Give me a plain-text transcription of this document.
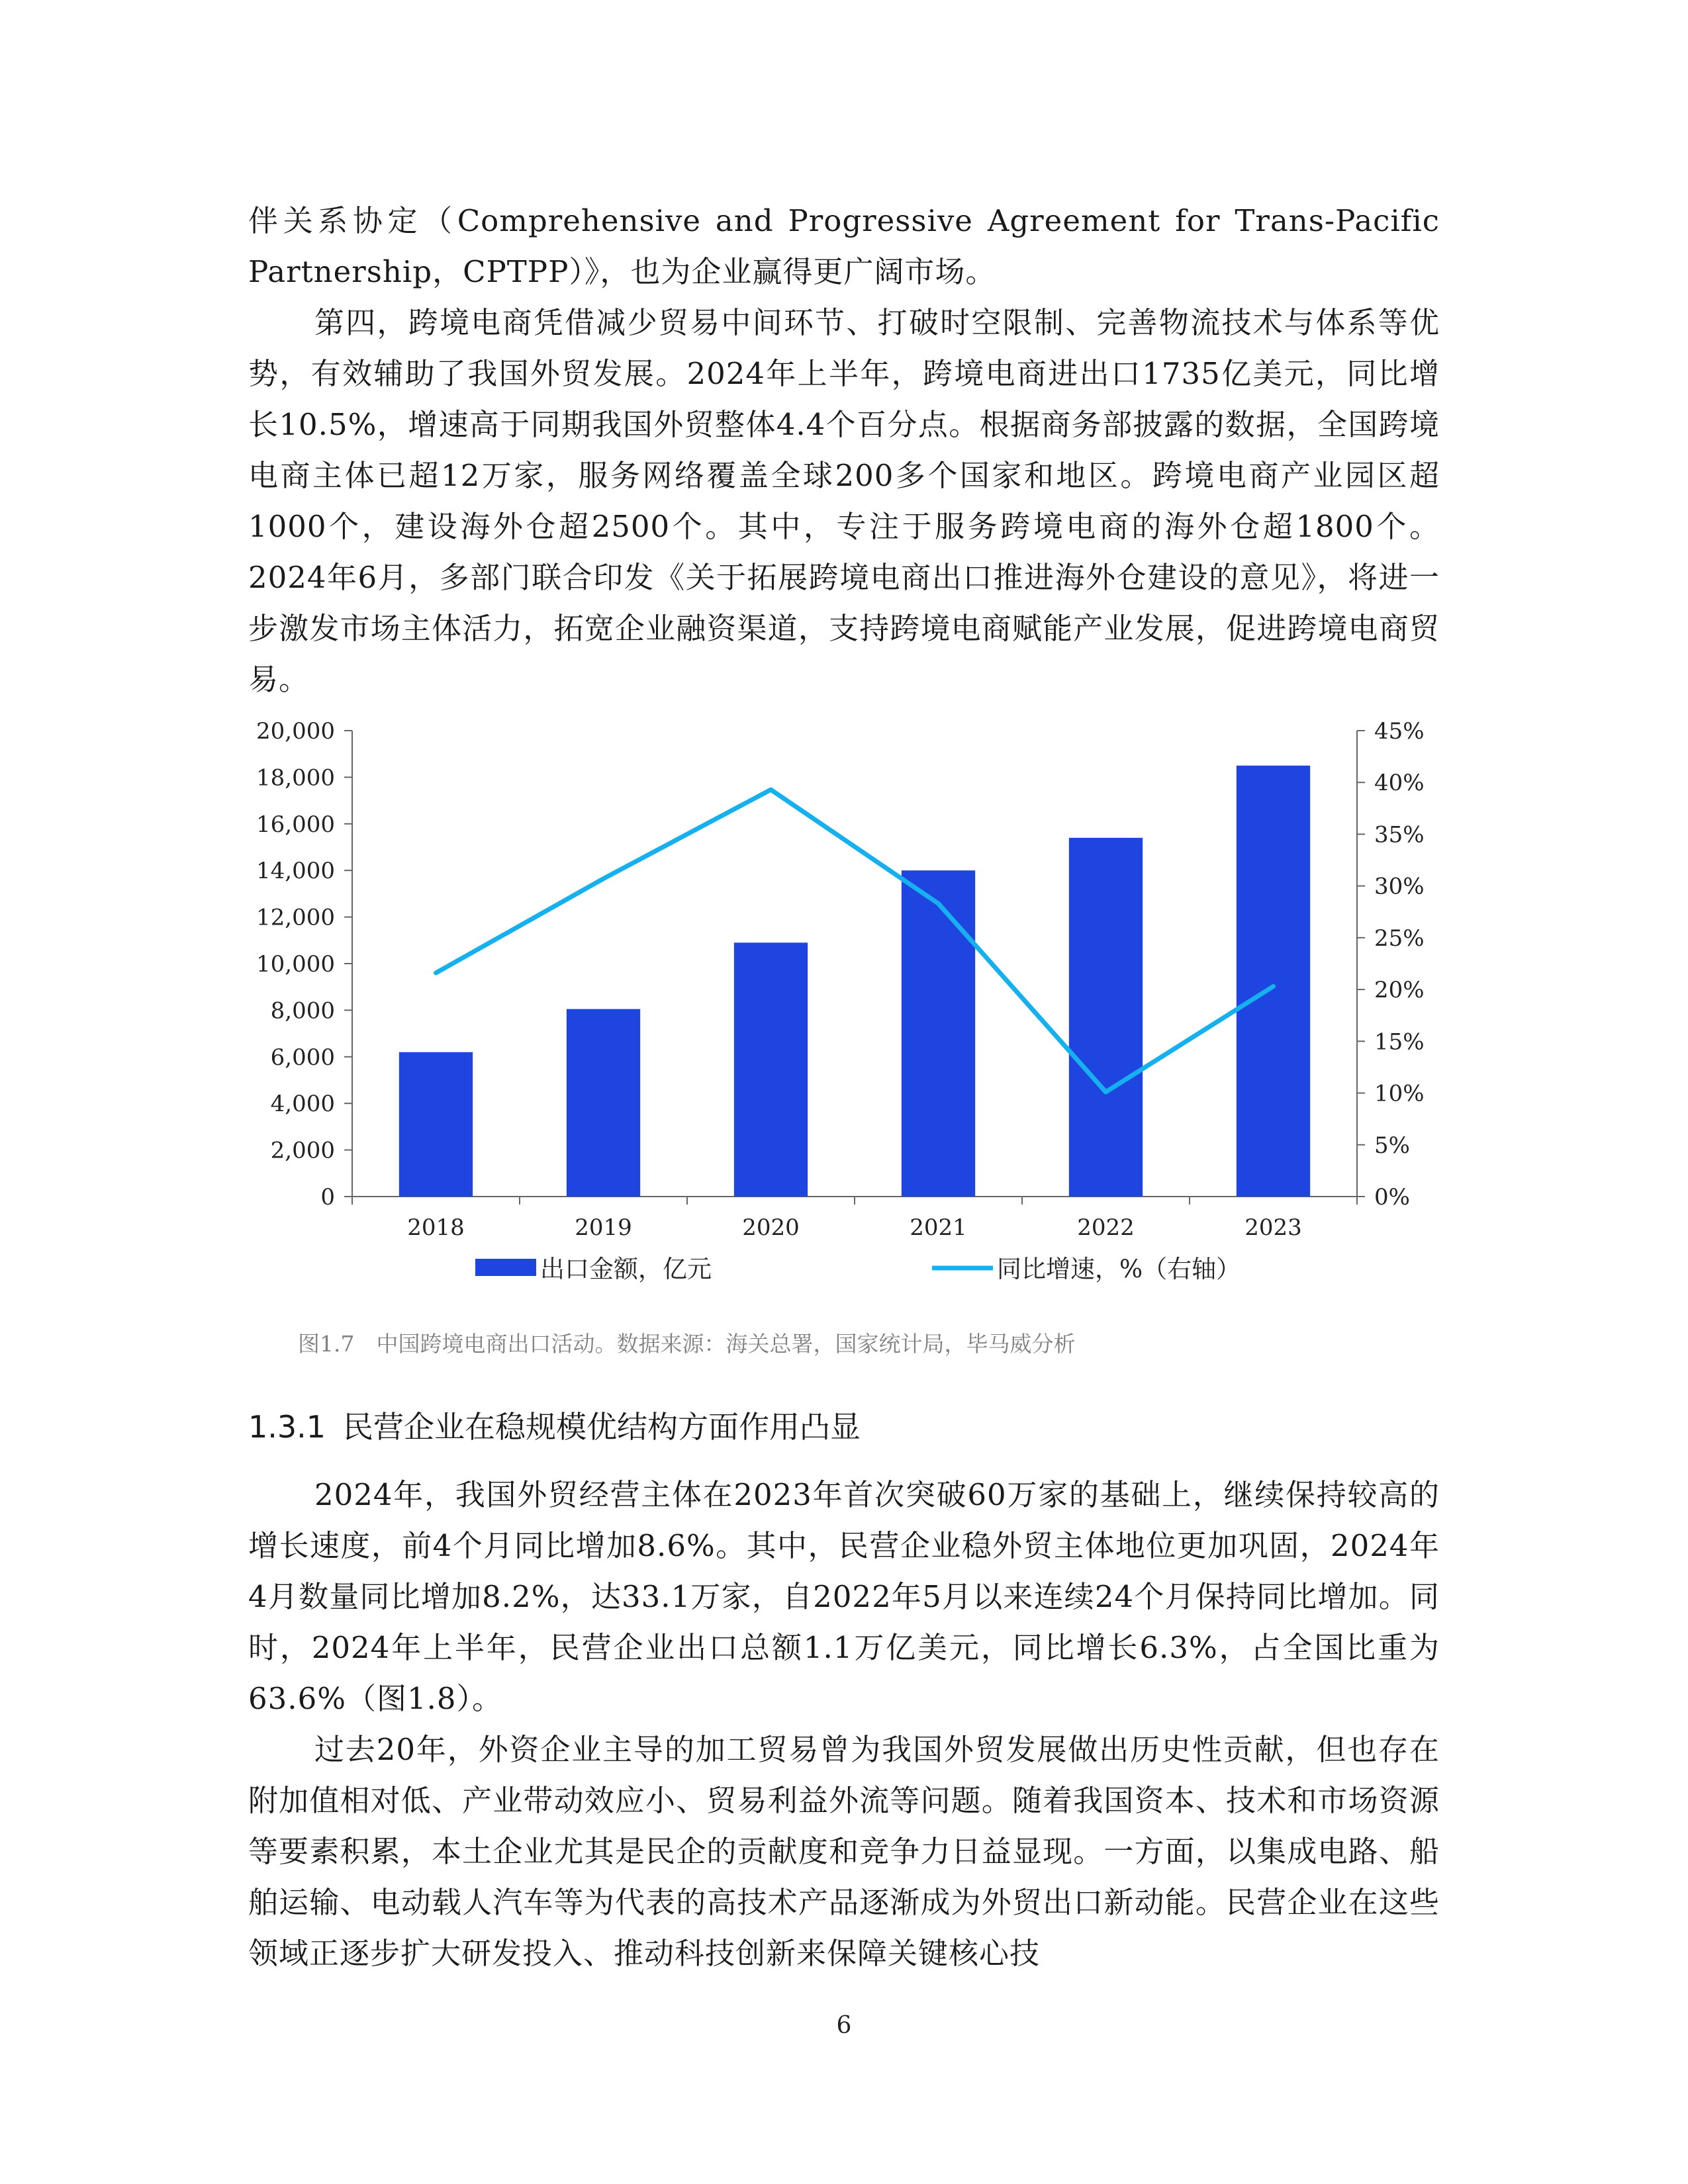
伴关系协定（Comprehensive and Progressive Agreement for Trans-Pacific Partnership，CPTPP）》，也为企业赢得更广阔市场。

第四，跨境电商凭借减少贸易中间环节、打破时空限制、完善物流技术与体系等优势，有效辅助了我国外贸发展。2024年上半年，跨境电商进出口1735亿美元，同比增长10.5%，增速高于同期我国外贸整体4.4个百分点。根据商务部披露的数据，全国跨境电商主体已超12万家，服务网络覆盖全球200多个国家和地区。跨境电商产业园区超1000个，建设海外仓超2500个。其中，专注于服务跨境电商的海外仓超1800个。2024年6月，多部门联合印发《关于拓展跨境电商出口推进海外仓建设的意见》，将进一步激发市场主体活力，拓宽企业融资渠道，支持跨境电商赋能产业发展，促进跨境电商贸易。

0
2,000
4,000
6,000
8,000
10,000
12,000
14,000
16,000
18,000
20,000
0%
5%
10%
15%
20%
25%
30%
35%
40%
45%
2018	2019	2020	2021	2022	2023
出口金额，亿元	同比增速，%（右轴）
图1.7　中国跨境电商出口活动。数据来源：海关总署，国家统计局，毕马威分析
1.3.1 民营企业在稳规模优结构方面作用凸显

2024年，我国外贸经营主体在2023年首次突破60万家的基础上，继续保持较高的增长速度，前4个月同比增加8.6%。其中，民营企业稳外贸主体地位更加巩固，2024年4月数量同比增加8.2%，达33.1万家，自2022年5月以来连续24个月保持同比增加。同时，2024年上半年，民营企业出口总额1.1万亿美元，同比增长6.3%，占全国比重为63.6%（图1.8）。

过去20年，外资企业主导的加工贸易曾为我国外贸发展做出历史性贡献，但也存在附加值相对低、产业带动效应小、贸易利益外流等问题。随着我国资本、技术和市场资源等要素积累，本土企业尤其是民企的贡献度和竞争力日益显现。一方面，以集成电路、船舶运输、电动载人汽车等为代表的高技术产品逐渐成为外贸出口新动能。民营企业在这些领域正逐步扩大研发投入、推动科技创新来保障关键核心技

6
